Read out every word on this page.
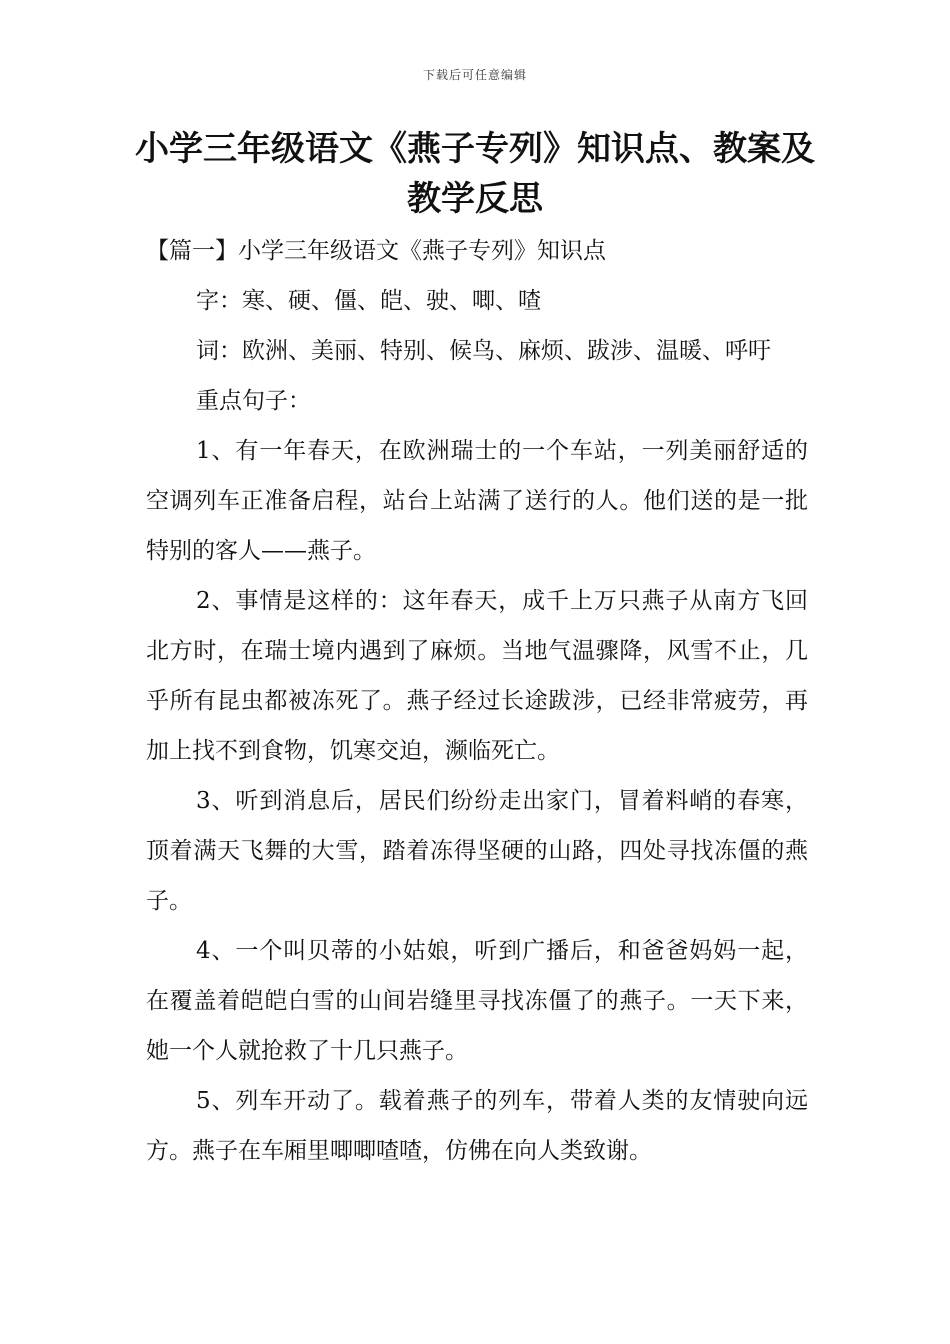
下载后可任意编辑
小学三年级语文《燕子专列》知识点、教案及教学反思

【篇一】小学三年级语文《燕子专列》知识点

字：寒、硬、僵、皑、驶、唧、喳

词：欧洲、美丽、特别、候鸟、麻烦、跋涉、温暖、呼吁

重点句子：

1、有一年春天，在欧洲瑞士的一个车站，一列美丽舒适的空调列车正准备启程，站台上站满了送行的人。他们送的是一批特别的客人——燕子。

2、事情是这样的：这年春天，成千上万只燕子从南方飞回北方时，在瑞士境内遇到了麻烦。当地气温骤降，风雪不止，几乎所有昆虫都被冻死了。燕子经过长途跋涉，已经非常疲劳，再加上找不到食物，饥寒交迫，濒临死亡。

3、听到消息后，居民们纷纷走出家门，冒着料峭的春寒，顶着满天飞舞的大雪，踏着冻得坚硬的山路，四处寻找冻僵的燕子。

4、一个叫贝蒂的小姑娘，听到广播后，和爸爸妈妈一起，在覆盖着皑皑白雪的山间岩缝里寻找冻僵了的燕子。一天下来，她一个人就抢救了十几只燕子。

5、列车开动了。载着燕子的列车，带着人类的友情驶向远方。燕子在车厢里唧唧喳喳，仿佛在向人类致谢。
